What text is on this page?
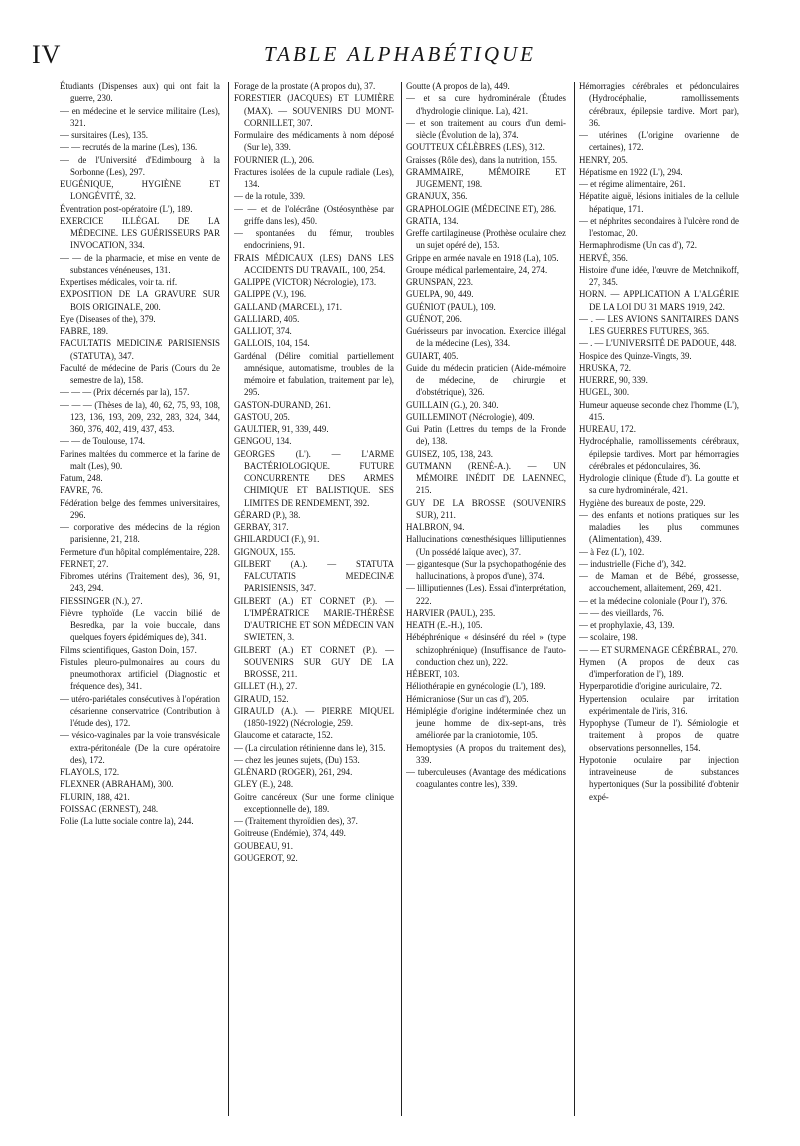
IV	TABLE ALPHABÉTIQUE

Étudiants (Dispenses aux) qui ont fait la guerre, 230.

— en médecine et le service militaire (Les), 321.

— sursitaires (Les), 135.

— — recrutés de la marine (Les), 136.

— de l'Université d'Edimbourg à la Sorbonne (Les), 297.

EUGÉNIQUE, HYGIÈNE ET LONGÉVITÉ, 32.

Éventration post-opératoire (L'), 189.

EXERCICE ILLÉGAL DE LA MÉDECINE. LES GUÉRISSEURS PAR INVOCATION, 334.

— — de la pharmacie, et mise en vente de substances vénéneuses, 131.

Expertises médicales, voir ta. rif.

EXPOSITION DE LA GRAVURE SUR BOIS ORIGINALE, 200.

Eye (Diseases of the), 379.

FABRE, 189.

FACULTATIS MEDICINÆ PARISIENSIS (STATUTA), 347.

Faculté de médecine de Paris (Cours du 2e semestre de la), 158.

— — — (Prix décernés par la), 157.

— — — (Thèses de la), 40, 62, 75, 93, 108, 123, 136, 193, 209, 232, 283, 324, 344, 360, 376, 402, 419, 437, 453.

— — de Toulouse, 174.

Farines maltées du commerce et la farine de malt (Les), 90.

Fatum, 248.

FAVRE, 76.

Fédération belge des femmes universitaires, 296.

— corporative des médecins de la région parisienne, 21, 218.

Fermeture d'un hôpital complémentaire, 228.

FERNET, 27.

Fibromes utérins (Traitement des), 36, 91, 243, 294.

FIESSINGER (N.), 27.

Fièvre typhoïde (Le vaccin bilié de Besredka, par la voie buccale, dans quelques foyers épidémiques de), 341.

Films scientifiques, Gaston Doin, 157.

Fistules pleuro-pulmonaires au cours du pneumothorax artificiel (Diagnostic et fréquence des), 341.

— utéro-pariétales consécutives à l'opération césarienne conservatrice (Contribution à l'étude des), 172.

— vésico-vaginales par la voie transvésicale extra-péritonéale (De la cure opératoire des), 172.

FLAYOLS, 172.

FLEXNER (ABRAHAM), 300.

FLURIN, 188, 421.

FOISSAC (ERNEST), 248.

Folie (La lutte sociale contre la), 244.

Forage de la prostate (A propos du), 37.

FORESTIER (JACQUES) ET LUMIÈRE (MAX). — SOUVENIRS DU MONT-CORNILLET, 307.

Formulaire des médicaments à nom déposé (Sur le), 339.

FOURNIER (L.), 206.

Fractures isolées de la cupule radiale (Les), 134.

— de la rotule, 339.

— — et de l'olécrâne (Ostéosynthèse par griffe dans les), 450.

— spontanées du fémur, troubles endocriniens, 91.

FRAIS MÉDICAUX (LES) DANS LES ACCIDENTS DU TRAVAIL, 100, 254.

GALIPPE (VICTOR) Nécrologie), 173.

GALIPPE (V.), 196.

GALLAND (MARCEL), 171.

GALLIARD, 405.

GALLIOT, 374.

GALLOIS, 104, 154.

Gardénal (Délire comitial partiellement amnésique, automatisme, troubles de la mémoire et fabulation, traitement par le), 295.

GASTON-DURAND, 261.

GASTOU, 205.

GAULTIER, 91, 339, 449.

GENGOU, 134.

GEORGES (L'). — L'ARME BACTÉRIOLOGIQUE. FUTURE CONCURRENTE DES ARMES CHIMIQUE ET BALISTIQUE. SES LIMITES DE RENDEMENT, 392.

GÉRARD (P.), 38.

GERBAY, 317.

GHILARDUCI (F.), 91.

GIGNOUX, 155.

GILBERT (A.). — STATUTA FALCUTATIS MEDECINÆ PARISIENSIS, 347.

GILBERT (A.) ET CORNET (P.). — L'IMPÉRATRICE MARIE-THÉRÈSE D'AUTRICHE ET SON MÉDECIN VAN SWIETEN, 3.

GILBERT (A.) ET CORNET (P.). — SOUVENIRS SUR GUY DE LA BROSSE, 211.

GILLET (H.), 27.

GIRAUD, 152.

GIRAULD (A.). — PIERRE MIQUEL (1850-1922) (Nécrologie, 259.

Glaucome et cataracte, 152.

— (La circulation rétinienne dans le), 315.

— chez les jeunes sujets, (Du) 153.

GLÉNARD (ROGER), 261, 294.

GLEY (E.), 248.

Goitre cancéreux (Sur une forme clinique exceptionnelle de), 189.

— (Traitement thyroïdien des), 37.

Goitreuse (Endémie), 374, 449.

GOUBEAU, 91.

GOUGEROT, 92.

Goutte (A propos de la), 449.

— et sa cure hydrominérale (Études d'hydrologie clinique. La), 421.

— et son traitement au cours d'un demi-siècle (Évolution de la), 374.

GOUTTEUX CÉLÈBRES (LES), 312.

Graisses (Rôle des), dans la nutrition, 155.

GRAMMAIRE, MÉMOIRE ET JUGEMENT, 198.

GRANJUX, 356.

GRAPHOLOGIE (MÉDECINE ET), 286.

GRATIA, 134.

Greffe cartilagineuse (Prothèse oculaire chez un sujet opéré de), 153.

Grippe en armée navale en 1918 (La), 105.

Groupe médical parlementaire, 24, 274.

GRUNSPAN, 223.

GUELPA, 90, 449.

GUÉNIOT (PAUL), 109.

GUÉNOT, 206.

Guérisseurs par invocation. Exercice illégal de la médecine (Les), 334.

GUIART, 405.

Guide du médecin praticien (Aide-mémoire de médecine, de chirurgie et d'obstétrique), 326.

GUILLAIN (G.), 20. 340.

GUILLEMINOT (Nécrologie), 409.

Gui Patin (Lettres du temps de la Fronde de), 138.

GUISEZ, 105, 138, 243.

GUTMANN (RENÉ-A.). — UN MÉMOIRE INÉDIT DE LAENNEC, 215.

GUY DE LA BROSSE (SOUVENIRS SUR), 211.

HALBRON, 94.

Hallucinations cœnesthésiques lilliputiennes (Un possédé laïque avec), 37.

— gigantesque (Sur la psychopathogénie des hallucinations, à propos d'une), 374.

— lilliputiennes (Les). Essai d'interprétation, 222.

HARVIER (PAUL), 235.

HEATH (E.-H.), 105.

Hébéphrénique « désinséré du réel » (type schizophrénique) (Insuffisance de l'auto-conduction chez un), 222.

HÉBERT, 103.

Héliothérapie en gynécologie (L'), 189.

Hémicraniose (Sur un cas d'), 205.

Hémiplégie d'origine indéterminée chez un jeune homme de dix-sept-ans, très améliorée par la craniotomie, 105.

Hemoptysies (A propos du traitement des), 339.

— tuberculeuses (Avantage des médications coagulantes contre les), 339.

Hémorragies cérébrales et pédonculaires (Hydrocéphalie, ramollissements cérébraux, épilepsie tardive. Mort par), 36.

— utérines (L'origine ovarienne de certaines), 172.

HENRY, 205.

Hépatisme en 1922 (L'), 294.

— et régime alimentaire, 261.

Hépatite aiguë, lésions initiales de la cellule hépatique, 171.

— et néphrites secondaires à l'ulcère rond de l'estomac, 20.

Hermaphrodisme (Un cas d'), 72.

HERVÉ, 356.

Histoire d'une idée, l'œuvre de Metchnikoff, 27, 345.

HORN. — APPLICATION A L'ALGÉRIE DE LA LOI DU 31 MARS 1919, 242.

— . — LES AVIONS SANITAIRES DANS LES GUERRES FUTURES, 365.

— . — L'UNIVERSITÉ DE PADOUE, 448.

Hospice des Quinze-Vingts, 39.

HRUSKA, 72.

HUERRE, 90, 339.

HUGEL, 300.

Humeur aqueuse seconde chez l'homme (L'), 415.

HUREAU, 172.

Hydrocéphalie, ramollissements cérébraux, épilepsie tardives. Mort par hémorragies cérébrales et pédonculaires, 36.

Hydrologie clinique (Étude d'). La goutte et sa cure hydrominérale, 421.

Hygiène des bureaux de poste, 229.

— des enfants et notions pratiques sur les maladies les plus communes (Alimentation), 439.

— à Fez (L'), 102.

— industrielle (Fiche d'), 342.

— de Maman et de Bébé, grossesse, accouchement, allaitement, 269, 421.

— et la médecine coloniale (Pour l'), 376.

— — des vieillards, 76.

— et prophylaxie, 43, 139.

— scolaire, 198.

— — ET SURMENAGE CÉRÉBRAL, 270.

Hymen (A propos de deux cas d'imperforation de l'), 189.

Hyperparotidie d'origine auriculaire, 72.

Hypertension oculaire par irritation expérimentale de l'iris, 316.

Hypophyse (Tumeur de l'). Sémiologie et traitement à propos de quatre observations personnelles, 154.

Hypotonie oculaire par injection intraveineuse de substances hypertoniques (Sur la possibilité d'obtenir expé-
